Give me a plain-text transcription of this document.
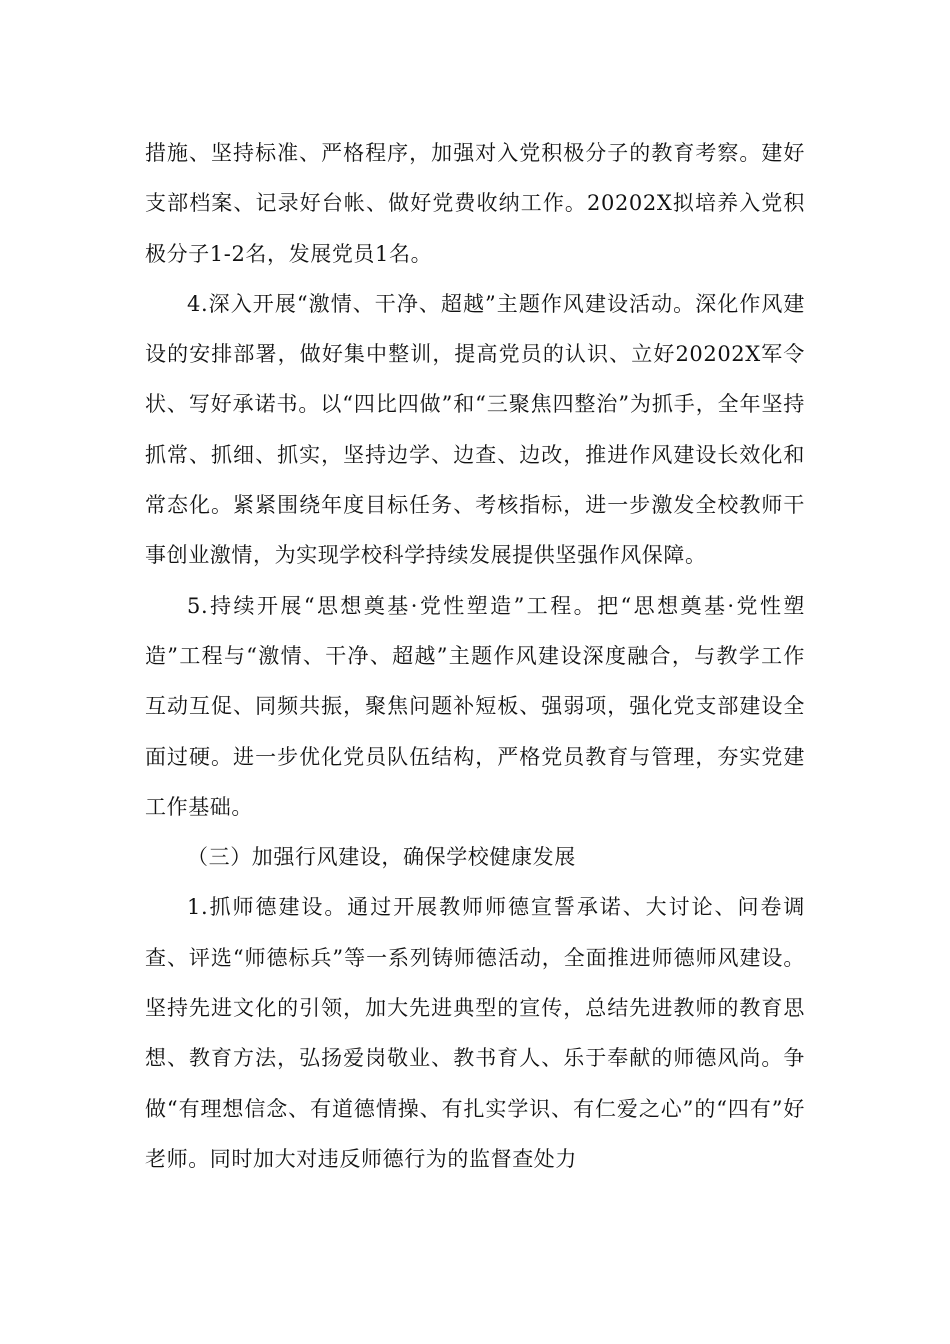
措施、坚持标准、严格程序，加强对入党积极分子的教育考察。建好支部档案、记录好台帐、做好党费收纳工作。20202X拟培养入党积极分子1-2名，发展党员1名。

4.深入开展“激情、干净、超越”主题作风建设活动。深化作风建设的安排部署，做好集中整训，提高党员的认识、立好20202X军令状、写好承诺书。以“四比四做”和“三聚焦四整治”为抓手，全年坚持抓常、抓细、抓实，坚持边学、边查、边改，推进作风建设长效化和常态化。紧紧围绕年度目标任务、考核指标，进一步激发全校教师干事创业激情，为实现学校科学持续发展提供坚强作风保障。

5.持续开展“思想奠基·党性塑造”工程。把“思想奠基·党性塑造”工程与“激情、干净、超越”主题作风建设深度融合，与教学工作互动互促、同频共振，聚焦问题补短板、强弱项，强化党支部建设全面过硬。进一步优化党员队伍结构，严格党员教育与管理，夯实党建工作基础。

（三）加强行风建设，确保学校健康发展

1.抓师德建设。通过开展教师师德宣誓承诺、大讨论、问卷调查、评选“师德标兵”等一系列铸师德活动，全面推进师德师风建设。坚持先进文化的引领，加大先进典型的宣传，总结先进教师的教育思想、教育方法，弘扬爱岗敬业、教书育人、乐于奉献的师德风尚。争做“有理想信念、有道德情操、有扎实学识、有仁爱之心”的“四有”好老师。同时加大对违反师德行为的监督查处力
